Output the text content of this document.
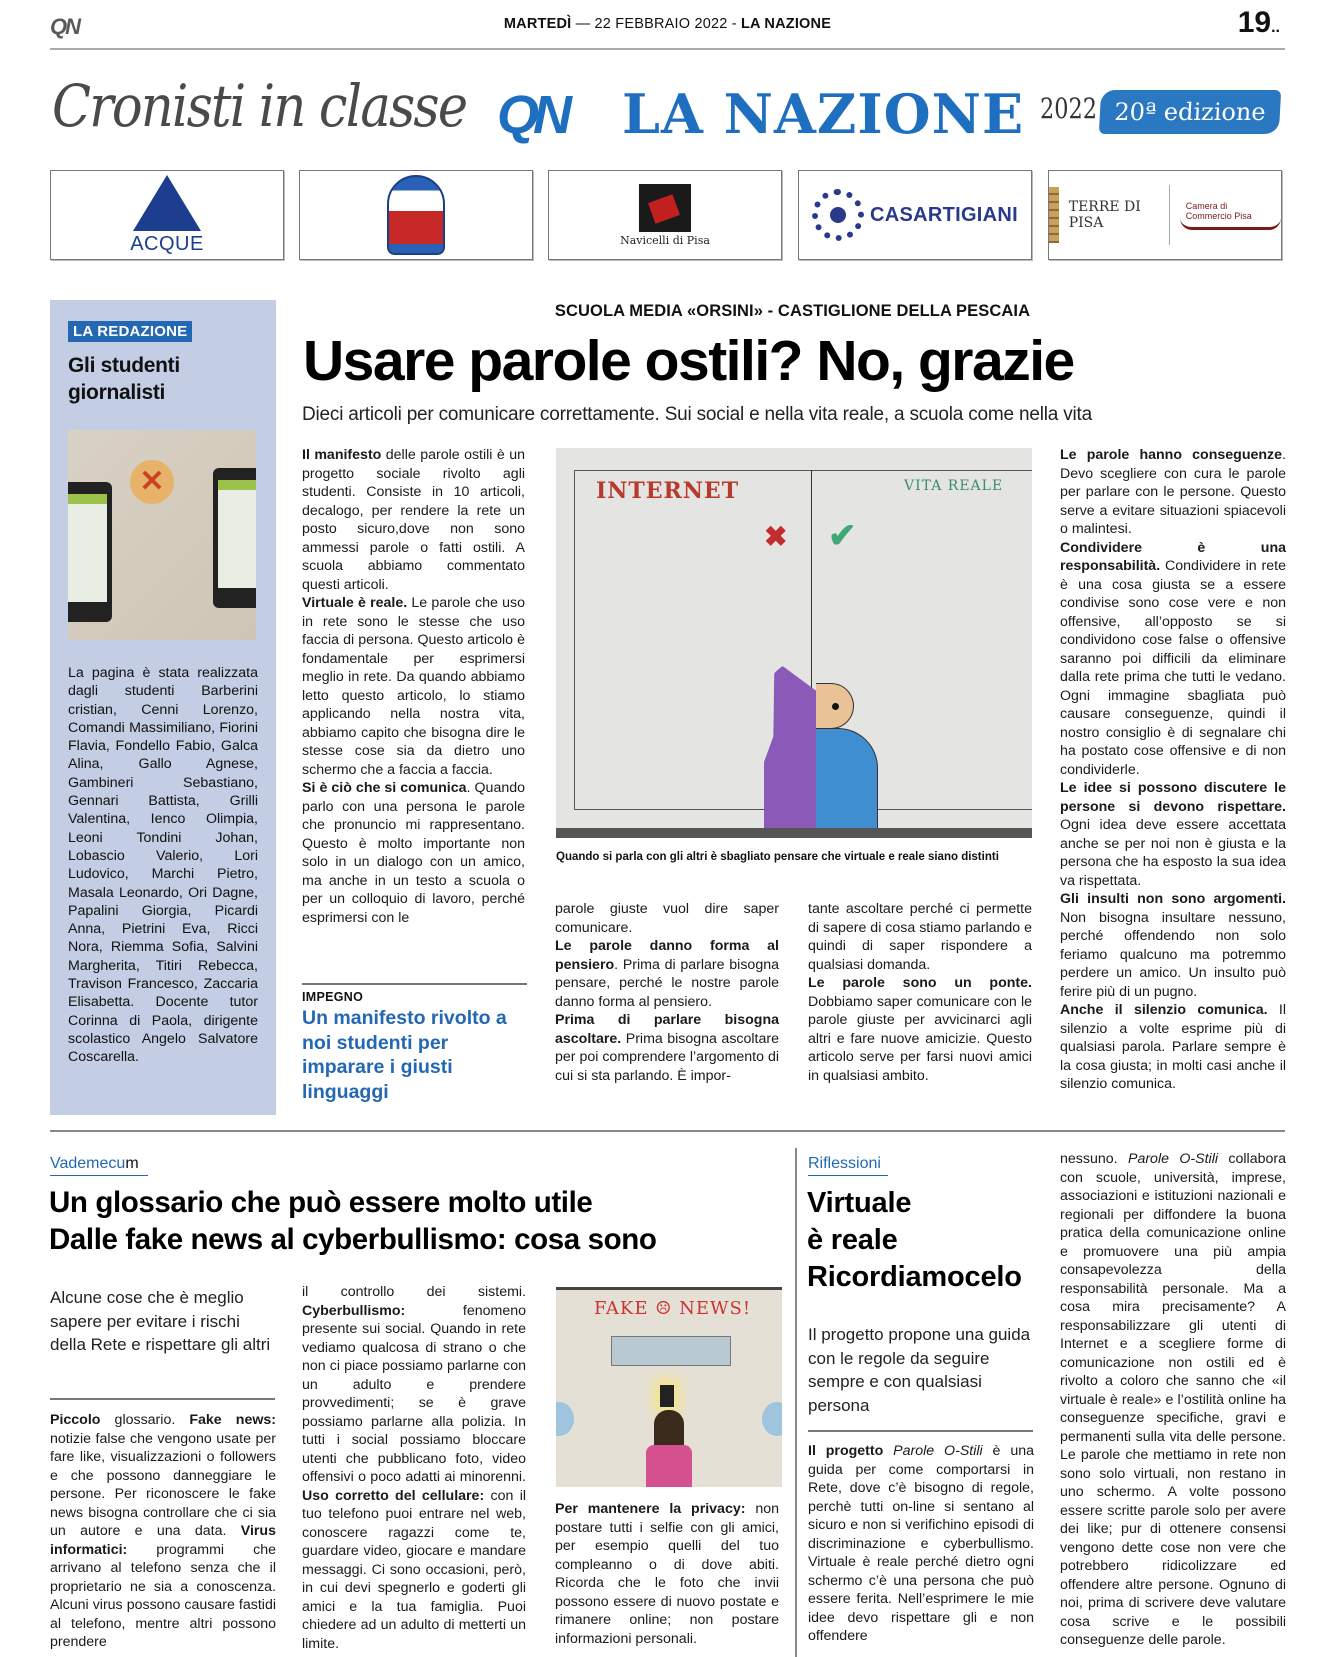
QN	MARTEDÌ — 22 FEBBRAIO 2022 - LA NAZIONE	19..
Cronisti in classe QN LA NAZIONE 2022 20ª edizione
ACQUE	Navicelli di Pisa
CASARTIGIANI	TERRE DI PISA
Camera di Commercio Pisa
LA REDAZIONE
Gli studenti giornalisti
✕
La pagina è stata realizzata dagli studenti Barberini cristian, Cenni Lorenzo, Comandi Massimiliano, Fiorini Flavia, Fondello Fabio, Galca Alina, Gallo Agnese, Gambineri Sebastiano, Gennari Battista, Grilli Valentina, Ienco Olimpia, Leoni Tondini Johan, Lobascio Valerio, Lori Ludovico, Marchi Pietro, Masala Leonardo, Ori Dagne, Papalini Giorgia, Picardi Anna, Pietrini Eva, Ricci Nora, Riemma Sofia, Salvini Margherita, Titiri Rebecca, Travison Francesco, Zaccaria Elisabetta. Docente tutor Corinna di Paola, dirigente scolastico Angelo Salvatore Coscarella.
SCUOLA MEDIA «ORSINI» - CASTIGLIONE DELLA PESCAIA
Usare parole ostili? No, grazie
Dieci articoli per comunicare correttamente. Sui social e nella vita reale, a scuola come nella vita

Il manifesto delle parole ostili è un progetto sociale rivolto agli studenti. Consiste in 10 articoli, decalogo, per rendere la rete un posto sicuro,dove non sono ammessi parole o fatti ostili. A scuola abbiamo commentato questi articoli.

Virtuale è reale. Le parole che uso in rete sono le stesse che uso faccia di persona. Questo articolo è fondamentale per esprimersi meglio in rete. Da quando abbiamo letto questo articolo, lo stiamo applicando nella nostra vita, abbiamo capito che bisogna dire le stesse cose sia da dietro uno schermo che a faccia a faccia.

Si è ciò che si comunica. Quando parlo con una persona le parole che pronuncio mi rappresentano. Questo è molto importante non solo in un dialogo con un amico, ma anche in un testo a scuola o per un colloquio di lavoro, perché esprimersi con le

IMPEGNO
Un manifesto rivolto a noi studenti per imparare i giusti linguaggi
INTERNET	VITA REALE
✖ ✔
Quando si parla con gli altri è sbagliato pensare che virtuale e reale siano distinti

parole giuste vuol dire saper comunicare.

Le parole danno forma al pensiero. Prima di parlare bisogna pensare, perché le nostre parole danno forma al pensiero.

Prima di parlare bisogna ascoltare. Prima bisogna ascoltare per poi comprendere l’argomento di cui si sta parlando. È impor-

tante ascoltare perché ci permette di sapere di cosa stiamo parlando e quindi di saper rispondere a qualsiasi domanda.

Le parole sono un ponte. Dobbiamo saper comunicare con le parole giuste per avvicinarci agli altri e fare nuove amicizie. Questo articolo serve per farsi nuovi amici in qualsiasi ambito.

Le parole hanno conseguenze. Devo scegliere con cura le parole per parlare con le persone. Questo serve a evitare situazioni spiacevoli o malintesi.

Condividere è una responsabilità. Condividere in rete è una cosa giusta se a essere condivise sono cose vere e non offensive, all’opposto se si condividono cose false o offensive saranno poi difficili da eliminare dalla rete prima che tutti le vedano. Ogni immagine sbagliata può causare conseguenze, quindi il nostro consiglio è di segnalare chi ha postato cose offensive e di non condividerle.

Le idee si possono discutere le persone si devono rispettare. Ogni idea deve essere accettata anche se per noi non è giusta e la persona che ha esposto la sua idea va rispettata.

Gli insulti non sono argomenti. Non bisogna insultare nessuno, perché offendendo non solo feriamo qualcuno ma potremmo perdere un amico. Un insulto può ferire più di un pugno.

Anche il silenzio comunica. Il silenzio a volte esprime più di qualsiasi parola. Parlare sempre è la cosa giusta; in molti casi anche il silenzio comunica.

Vademecum
Un glossario che può essere molto utile
Dalle fake news al cyberbullismo: cosa sono
Alcune cose che è meglio sapere per evitare i rischi della Rete e rispettare gli altri

Piccolo glossario. Fake news: notizie false che vengono usate per fare like, visualizzazioni o followers e che possono danneggiare le persone. Per riconoscere le fake news bisogna controllare che ci sia un autore e una data. Virus informatici: programmi che arrivano al telefono senza che il proprietario ne sia a conoscenza. Alcuni virus possono causare fastidi al telefono, mentre altri possono prendere

il controllo dei sistemi. Cyberbullismo: fenomeno presente sui social. Quando in rete vediamo qualcosa di strano o che non ci piace possiamo parlarne con un adulto e prendere provvedimenti; se è grave possiamo parlarne alla polizia. In tutti i social possiamo bloccare utenti che pubblicano foto, video offensivi o poco adatti ai minorenni. Uso corretto del cellulare: con il tuo telefono puoi entrare nel web, conoscere ragazzi come te, guardare video, giocare e mandare messaggi. Ci sono occasioni, però, in cui devi spegnerlo e goderti gli amici e la tua famiglia. Puoi chiedere ad un adulto di metterti un limite.

FAKE ☹ NEWS!

Per mantenere la privacy: non postare tutti i selfie con gli amici, per esempio quelli del tuo compleanno o di dove abiti. Ricorda che le foto che invii possono essere di nuovo postate e rimanere online; non postare informazioni personali.

Riflessioni
Virtuale
è reale
Ricordiamocelo
Il progetto propone una guida con le regole da seguire sempre e con qualsiasi persona

Il progetto Parole O-Stili è una guida per come comportarsi in Rete, dove c’è bisogno di regole, perchè tutti on-line si sentano al sicuro e non si verifichino episodi di discriminazione e cyberbullismo. Virtuale è reale perché dietro ogni schermo c’è una persona che può essere ferita. Nell’esprimere le mie idee devo rispettare gli e non offendere

nessuno. Parole O-Stili collabora con scuole, università, imprese, associazioni e istituzioni nazionali e regionali per diffondere la buona pratica della comunicazione online e promuovere una più ampia consapevolezza della responsabilità personale. Ma a cosa mira precisamente? A responsabilizzare gli utenti di Internet e a scegliere forme di comunicazione non ostili ed è rivolto a coloro che sanno che «il virtuale è reale» e l’ostilità online ha conseguenze specifiche, gravi e permanenti sulla vita delle persone. Le parole che mettiamo in rete non sono solo virtuali, non restano in uno schermo. A volte possono essere scritte parole solo per avere dei like; pur di ottenere consensi vengono dette cose non vere che potrebbero ridicolizzare ed offendere altre persone. Ognuno di noi, prima di scrivere deve valutare cosa scrive e le possibili conseguenze delle parole.
